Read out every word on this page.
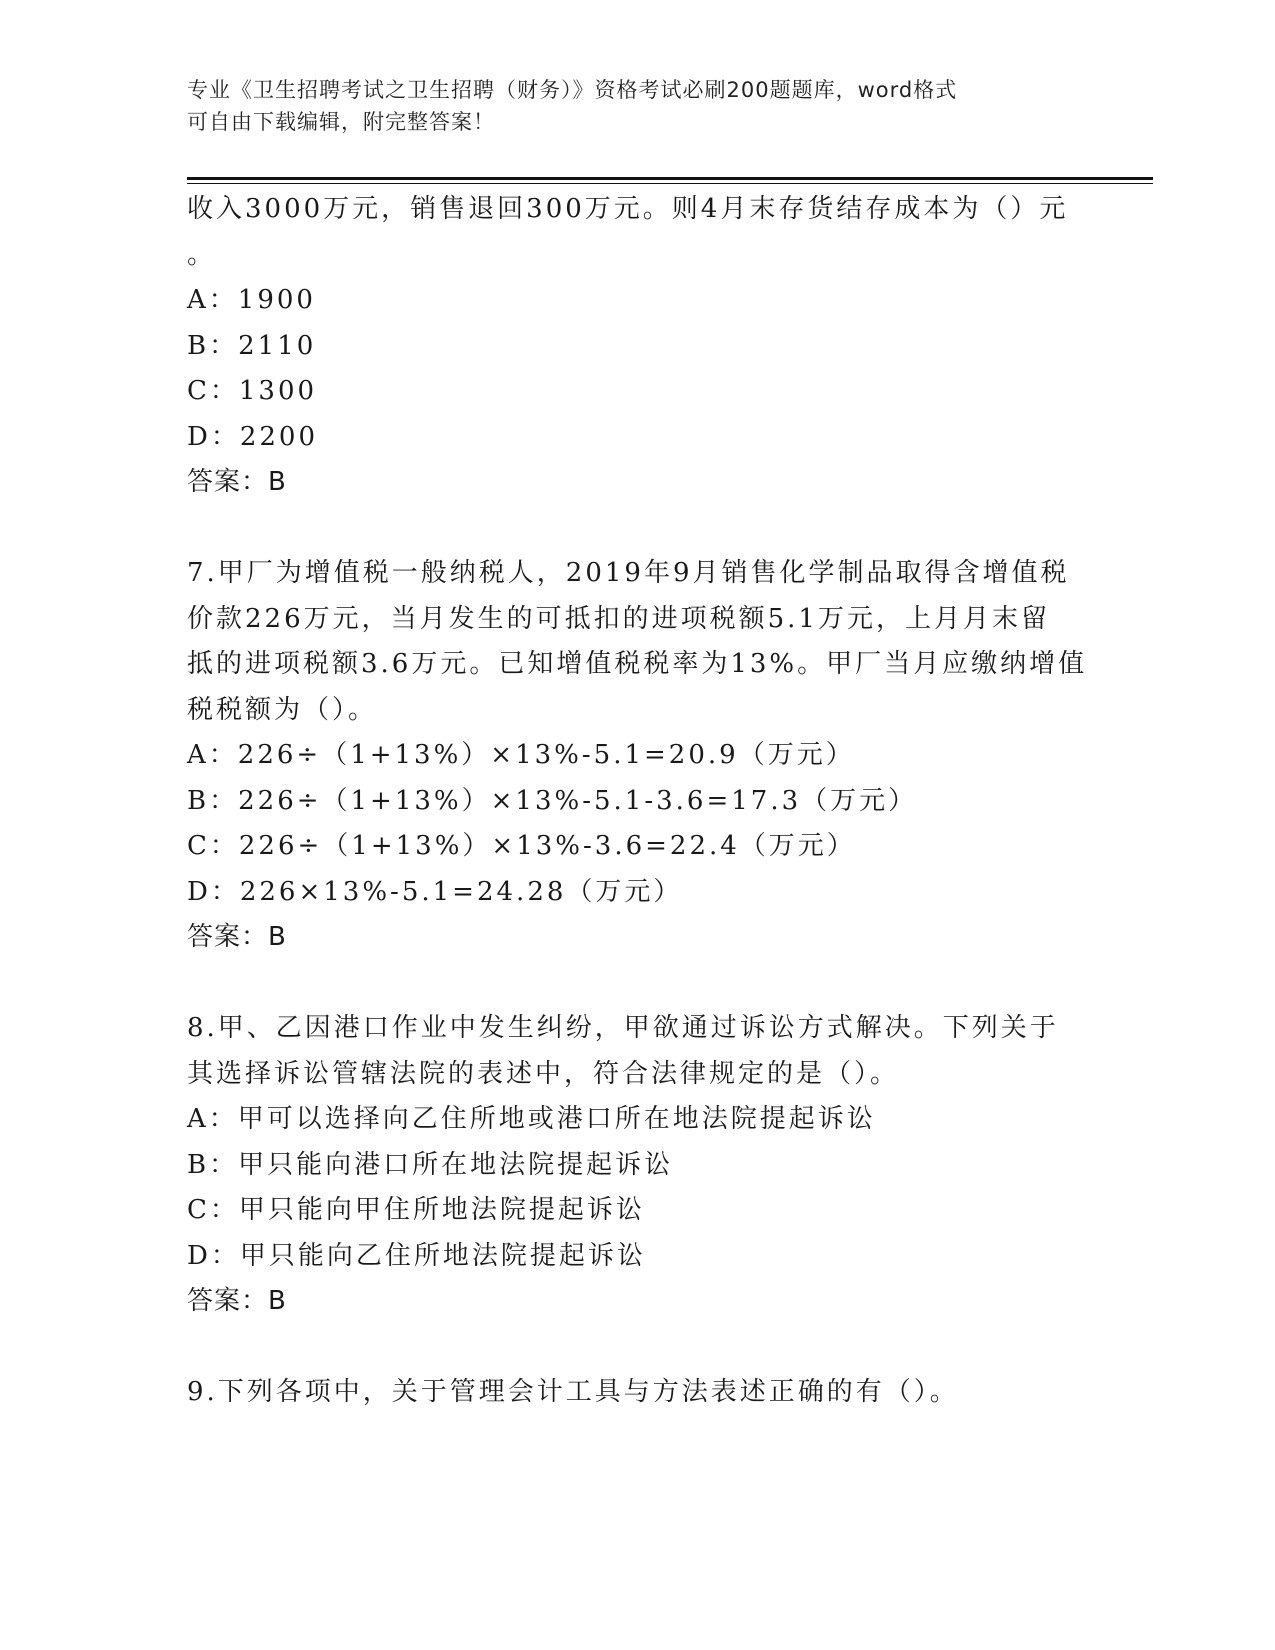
专业《卫生招聘考试之卫生招聘（财务）》资格考试必刷200题题库，word格式
可自由下载编辑，附完整答案！
收入3000万元，销售退回300万元。则4月末存货结存成本为（）元
。
A：1900
B：2110
C：1300
D：2200
答案：B
7.甲厂为增值税一般纳税人，2019年9月销售化学制品取得含增值税
价款226万元，当月发生的可抵扣的进项税额5.1万元，上月月末留
抵的进项税额3.6万元。已知增值税税率为13%。甲厂当月应缴纳增值
税税额为（）。
A：226÷（1+13%）×13%-5.1=20.9（万元）
B：226÷（1+13%）×13%-5.1-3.6=17.3（万元）
C：226÷（1+13%）×13%-3.6=22.4（万元）
D：226×13%-5.1=24.28（万元）
答案：B
8.甲、乙因港口作业中发生纠纷，甲欲通过诉讼方式解决。下列关于
其选择诉讼管辖法院的表述中，符合法律规定的是（）。
A：甲可以选择向乙住所地或港口所在地法院提起诉讼
B：甲只能向港口所在地法院提起诉讼
C：甲只能向甲住所地法院提起诉讼
D：甲只能向乙住所地法院提起诉讼
答案：B
9.下列各项中，关于管理会计工具与方法表述正确的有（）。
